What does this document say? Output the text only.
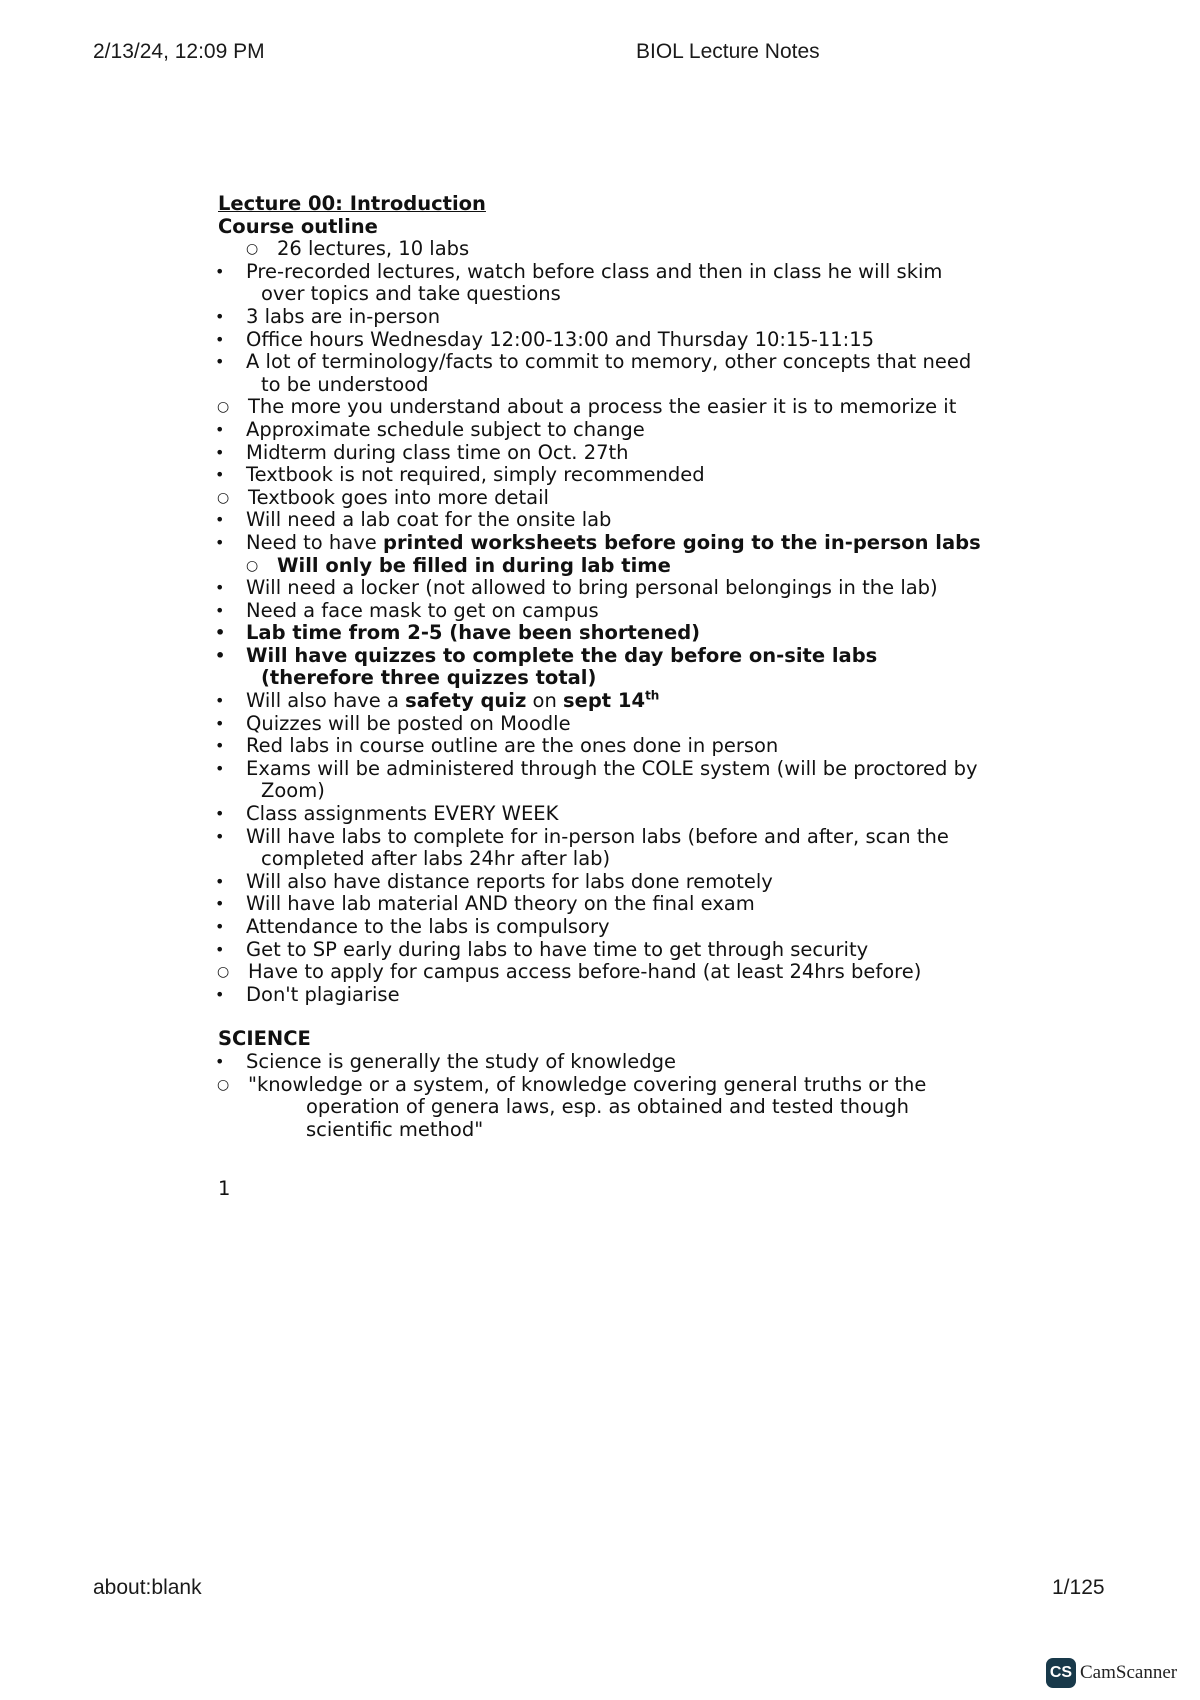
2/13/24, 12:09 PM	BIOL Lecture Notes
Lecture 00: Introduction
Course outline
○ 26 lectures, 10 labs
• Pre-recorded lectures, watch before class and then in class he will skim over topics and take questions
• 3 labs are in-person
• Office hours Wednesday 12:00-13:00 and Thursday 10:15-11:15
• A lot of terminology/facts to commit to memory, other concepts that need to be understood
○ The more you understand about a process the easier it is to memorize it
• Approximate schedule subject to change
• Midterm during class time on Oct. 27th
• Textbook is not required, simply recommended
○ Textbook goes into more detail
• Will need a lab coat for the onsite lab
• Need to have printed worksheets before going to the in-person labs
○ Will only be filled in during lab time
• Will need a locker (not allowed to bring personal belongings in the lab)
• Need a face mask to get on campus
• Lab time from 2-5 (have been shortened)
• Will have quizzes to complete the day before on-site labs (therefore three quizzes total)
• Will also have a safety quiz on sept 14th
• Quizzes will be posted on Moodle
• Red labs in course outline are the ones done in person
• Exams will be administered through the COLE system (will be proctored by Zoom)
• Class assignments EVERY WEEK
• Will have labs to complete for in-person labs (before and after, scan the completed after labs 24hr after lab)
• Will also have distance reports for labs done remotely
• Will have lab material AND theory on the final exam
• Attendance to the labs is compulsory
• Get to SP early during labs to have time to get through security
○ Have to apply for campus access before-hand (at least 24hrs before)
• Don't plagiarise
SCIENCE
• Science is generally the study of knowledge
○ "knowledge or a system, of knowledge covering general truths or the operation of genera laws, esp. as obtained and tested though scientific method"
1
about:blank	1/125
CS CamScanner
